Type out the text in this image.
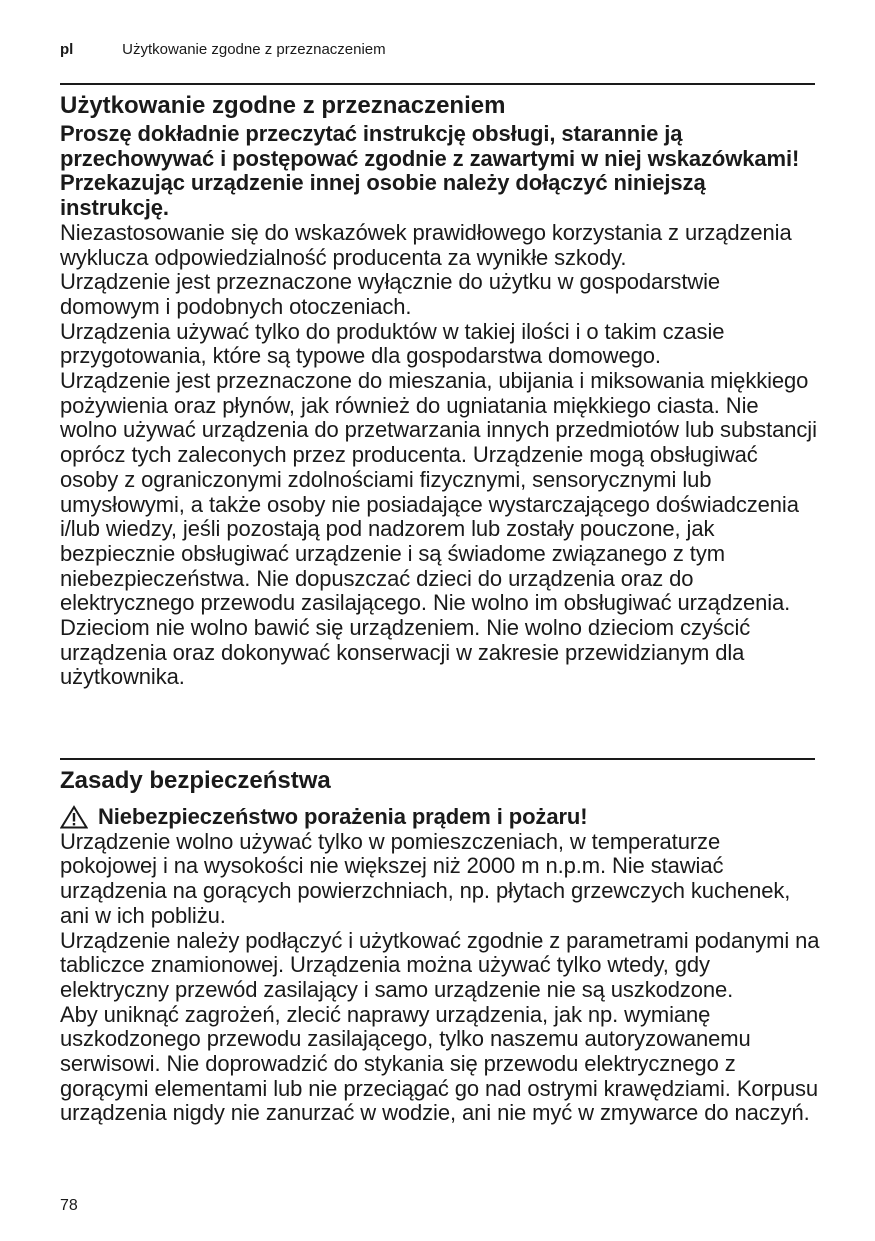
pl	Użytkowanie zgodne z przeznaczeniem
Użytkowanie zgodne z przeznaczeniem

Proszę dokładnie przeczytać instrukcję obsługi, starannie ją przechowywać i postępować zgodnie z zawartymi w niej wskazówkami! Przekazując urządzenie innej osobie należy dołączyć niniejszą instrukcję.

Niezastosowanie się do wskazówek prawidłowego korzystania z urządzenia wyklucza odpowiedzialność producenta za wynikłe szkody.

Urządzenie jest przeznaczone wyłącznie do użytku w gospodarstwie domowym i podobnych otoczeniach.

Urządzenia używać tylko do produktów w takiej ilości i o takim czasie przygotowania, które są typowe dla gospodarstwa domowego.

Urządzenie jest przeznaczone do mieszania, ubijania i miksowania miękkiego pożywienia oraz płynów, jak również do ugniatania miękkiego ciasta. Nie wolno używać urządzenia do przetwarzania innych przedmiotów lub substancji oprócz tych zaleconych przez producenta. Urządzenie mogą obsługiwać osoby z ograniczonymi zdolnościami fizycznymi, sensorycznymi lub umysłowymi, a także osoby nie posiadające wystarczającego doświadczenia i/lub wiedzy, jeśli pozostają pod nadzorem lub zostały pouczone, jak bezpiecznie obsługiwać urządzenie i są świadome związanego z tym niebezpieczeństwa. Nie dopuszczać dzieci do urządzenia oraz do elektrycznego przewodu zasilającego. Nie wolno im obsługiwać urządzenia. Dzieciom nie wolno bawić się urządzeniem. Nie wolno dzieciom czyścić urządzenia oraz dokonywać konserwacji w zakresie przewidzianym dla użytkownika.

Zasady bezpieczeństwa
Niebezpieczeństwo porażenia prądem i pożaru!

Urządzenie wolno używać tylko w pomieszczeniach, w temperaturze pokojowej i na wysokości nie większej niż 2000 m n.p.m. Nie stawiać urządzenia na gorących powierzchniach, np. płytach grzewczych kuchenek, ani w ich pobliżu.

Urządzenie należy podłączyć i użytkować zgodnie z parametrami podanymi na tabliczce znamionowej. Urządzenia można używać tylko wtedy, gdy elektryczny przewód zasilający i samo urządzenie nie są uszkodzone.

Aby uniknąć zagrożeń, zlecić naprawy urządzenia, jak np. wymianę uszkodzonego przewodu zasilającego, tylko naszemu autoryzowanemu serwisowi. Nie doprowadzić do stykania się przewodu elektrycznego z gorącymi elementami lub nie przeciągać go nad ostrymi krawędziami. Korpusu urządzenia nigdy nie zanurzać w wodzie, ani nie myć w zmywarce do naczyń.

78
